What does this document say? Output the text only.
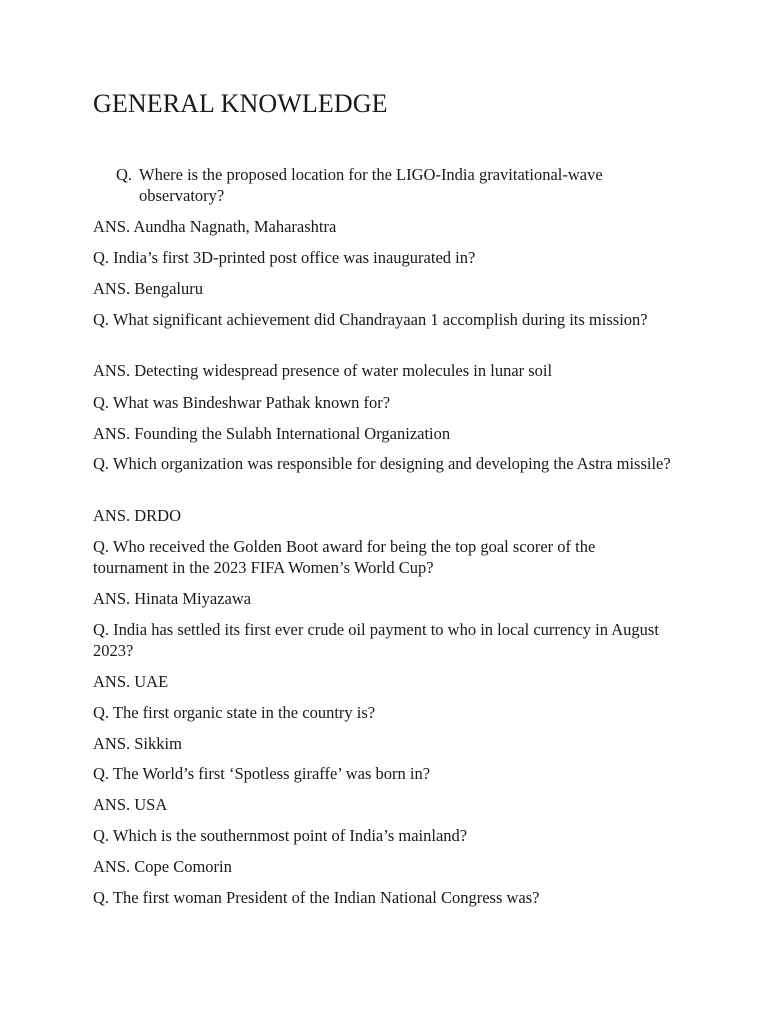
GENERAL KNOWLEDGE
Q. Where is the proposed location for the LIGO-India gravitational-wave
observatory?
ANS. Aundha Nagnath, Maharashtra
Q. India’s first 3D-printed post office was inaugurated in?
ANS. Bengaluru
Q. What significant achievement did Chandrayaan 1 accomplish during its mission?
ANS. Detecting widespread presence of water molecules in lunar soil
Q. What was Bindeshwar Pathak known for?
ANS. Founding the Sulabh International Organization
Q. Which organization was responsible for designing and developing the Astra missile?
ANS. DRDO
Q. Who received the Golden Boot award for being the top goal scorer of the tournament in the 2023 FIFA Women’s World Cup?
ANS. Hinata Miyazawa
Q. India has settled its first ever crude oil payment to who in local currency in August 2023?
ANS. UAE
Q. The first organic state in the country is?
ANS. Sikkim
Q. The World’s first ‘Spotless giraffe’ was born in?
ANS. USA
Q. Which is the southernmost point of India’s mainland?
ANS. Cope Comorin
Q. The first woman President of the Indian National Congress was?
